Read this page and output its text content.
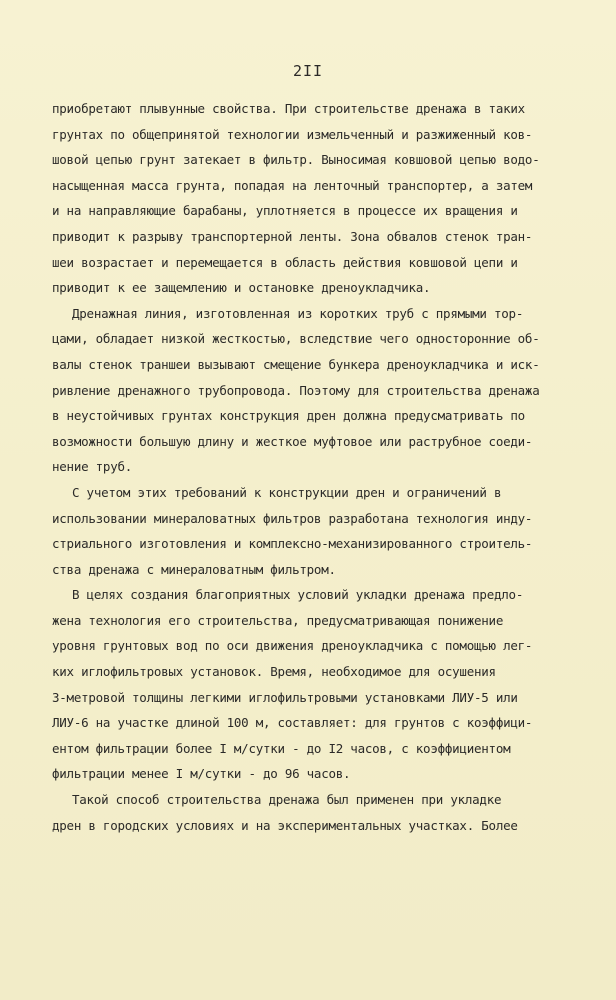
2II
приобретают плывунные свойства. При строительстве дренажа в таких
грунтах по общепринятой технологии измельченный и разжиженный ков-
шовой цепью грунт затекает в фильтр. Выносимая ковшовой цепью водо-
насыщенная масса грунта, попадая на ленточный транспортер, а затем
и на направляющие барабаны, уплотняется в процессе их вращения и
приводит к разрыву транспортерной ленты. Зона обвалов стенок тран-
шеи возрастает и перемещается в область действия ковшовой цепи и
приводит к ее защемлению и остановке дреноукладчика.
Дренажная линия, изготовленная из коротких труб с прямыми тор-
цами, обладает низкой жесткостью, вследствие чего односторонние об-
валы стенок траншеи вызывают смещение бункера дреноукладчика и иск-
ривление дренажного трубопровода. Поэтому для строительства дренажа
в неустойчивых грунтах конструкция дрен должна предусматривать по
возможности большую длину и жесткое муфтовое или раструбное соеди-
нение труб.
С учетом этих требований к конструкции дрен и ограничений в
использовании минераловатных фильтров разработана технология инду-
стриального изготовления и комплексно-механизированного строитель-
ства дренажа с минераловатным фильтром.
В целях создания благоприятных условий укладки дренажа предло-
жена технология его строительства, предусматривающая понижение
уровня грунтовых вод по оси движения дреноукладчика с помощью лег-
ких иглофильтровых установок. Время, необходимое для осушения
3-метровой толщины легкими иглофильтровыми установками ЛИУ-5 или
ЛИУ-6 на участке длиной 100 м, составляет: для грунтов с коэффици-
ентом фильтрации более I м/сутки - до I2 часов, с коэффициентом
фильтрации менее I м/сутки - до 96 часов.
Такой способ строительства дренажа был применен при укладке
дрен в городских условиях и на экспериментальных участках. Более
